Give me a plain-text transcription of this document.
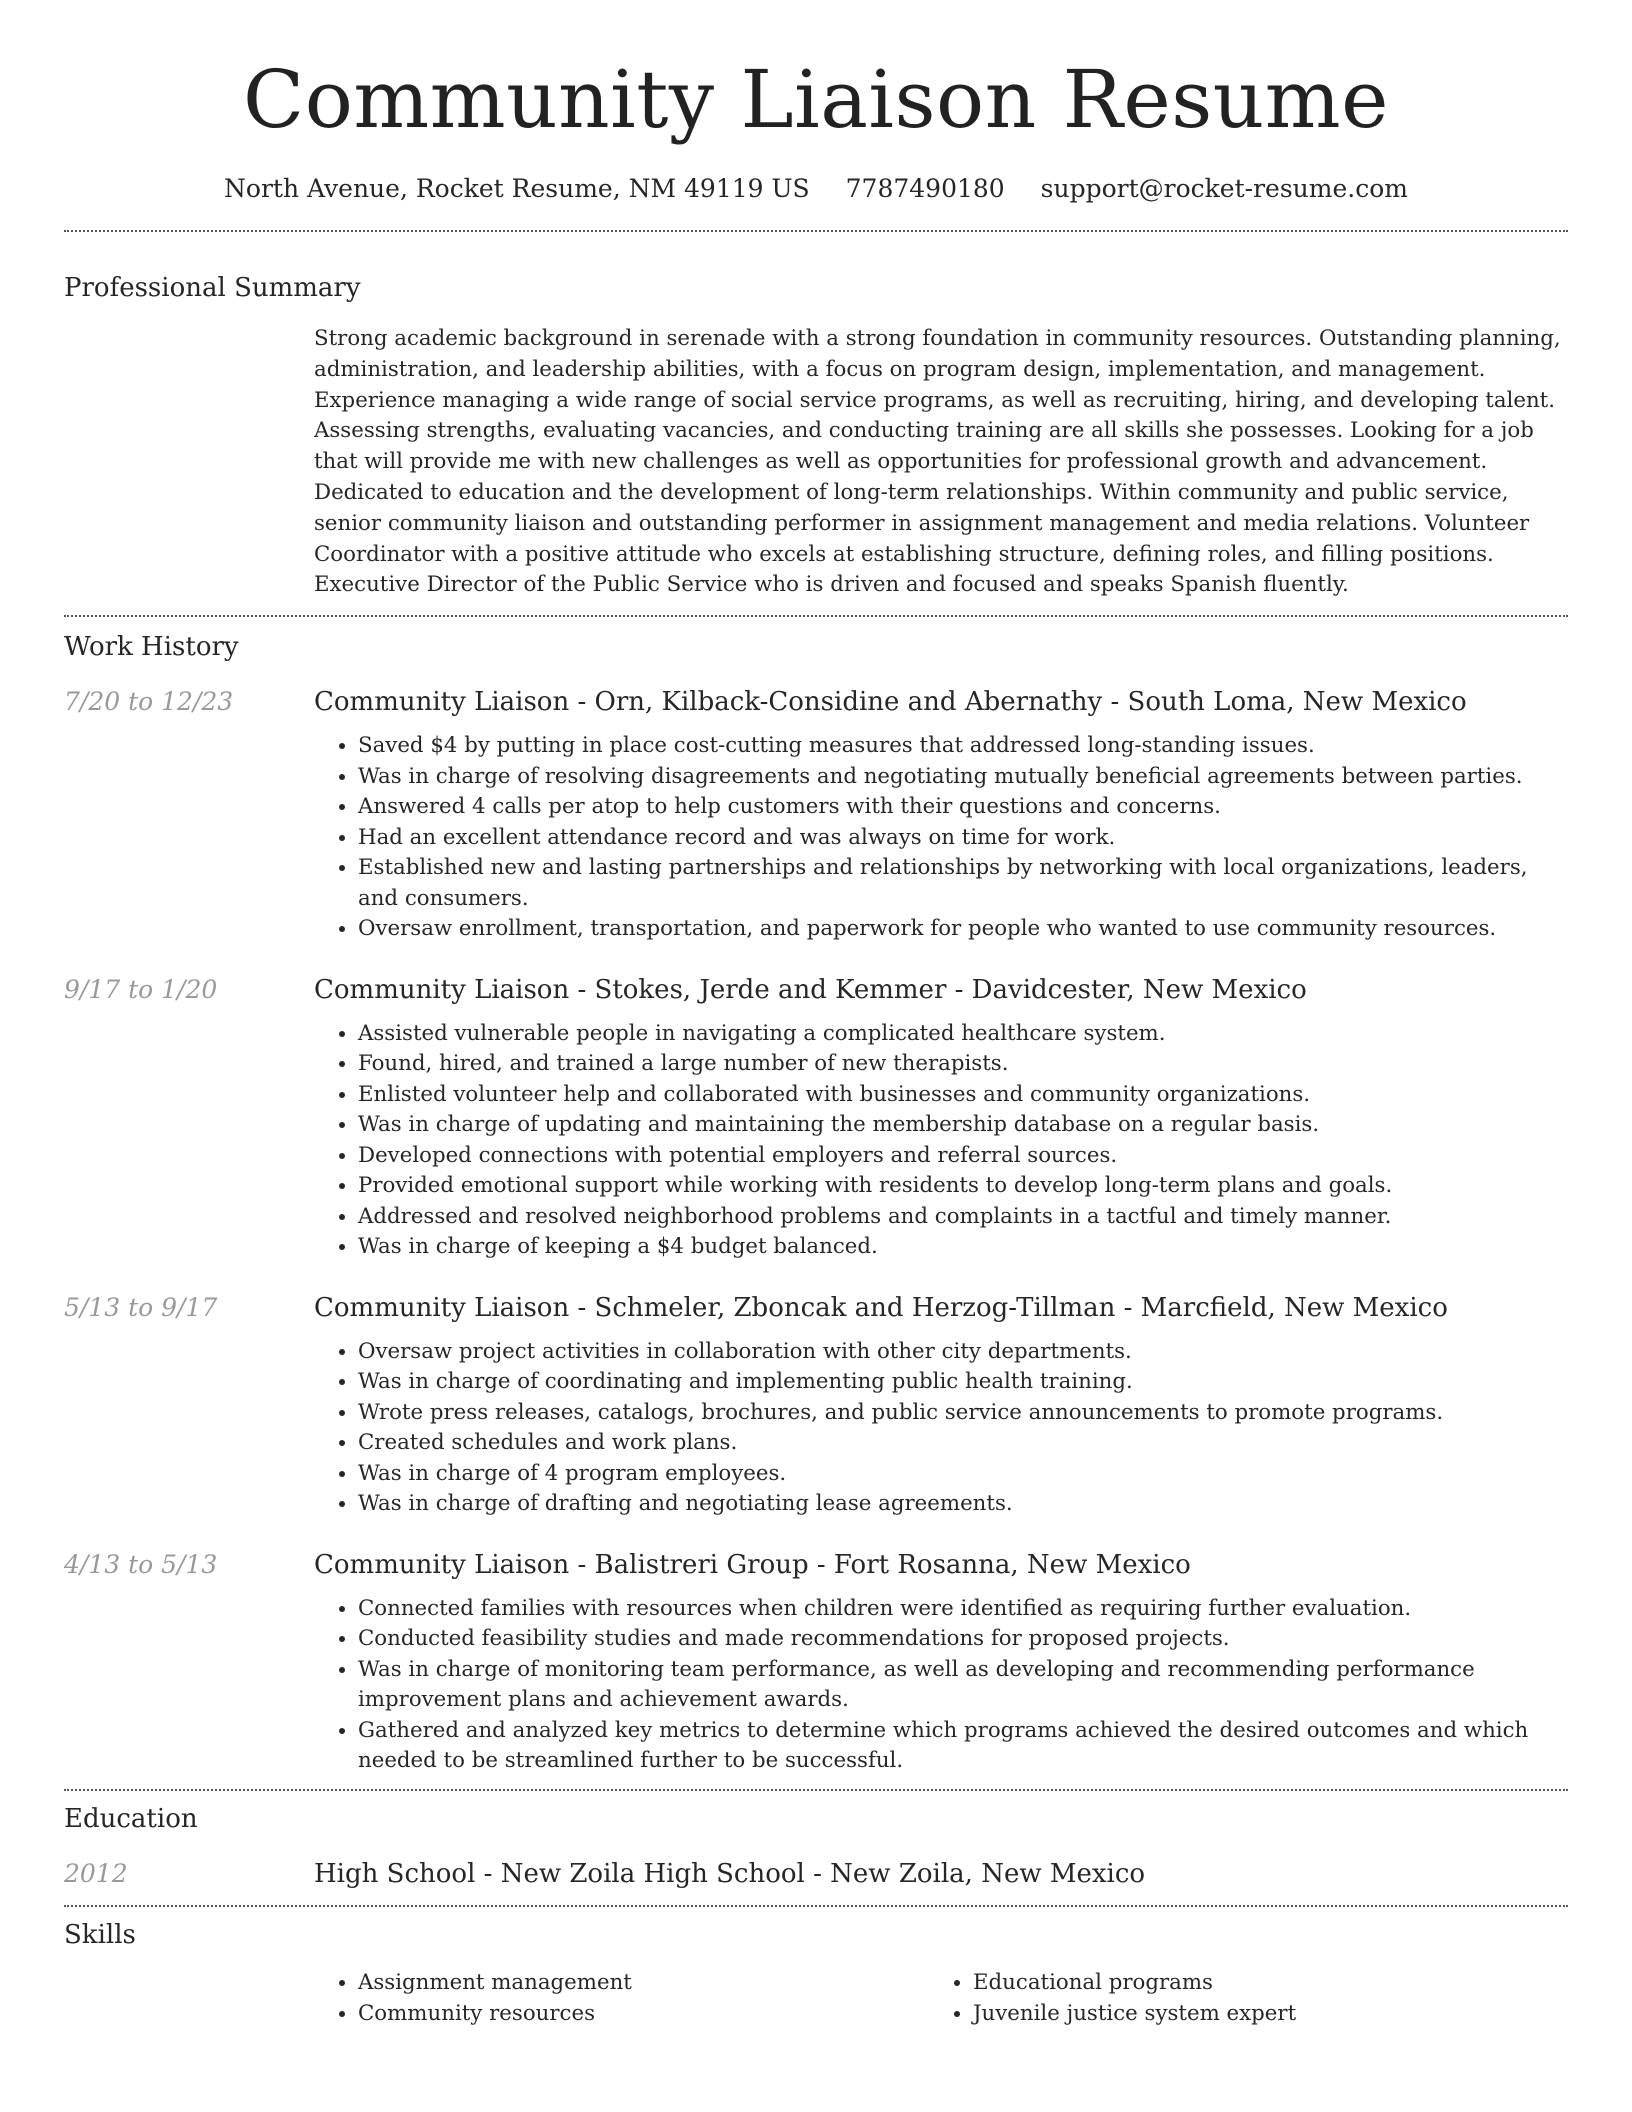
Community Liaison Resume
North Avenue, Rocket Resume, NM 49119 US 7787490180 support@rocket-resume.com
Professional Summary

Strong academic background in serenade with a strong foundation in community resources. Outstanding planning, administration, and leadership abilities, with a focus on program design, implementation, and management. Experience managing a wide range of social service programs, as well as recruiting, hiring, and developing talent. Assessing strengths, evaluating vacancies, and conducting training are all skills she possesses. Looking for a job that will provide me with new challenges as well as opportunities for professional growth and advancement. Dedicated to education and the development of long-term relationships. Within community and public service, senior community liaison and outstanding performer in assignment management and media relations. Volunteer Coordinator with a positive attitude who excels at establishing structure, defining roles, and filling positions. Executive Director of the Public Service who is driven and focused and speaks Spanish fluently.

Work History
7/20 to 12/23	Community Liaison - Orn, Kilback-Considine and Abernathy - South Loma, New Mexico
• Saved $4 by putting in place cost-cutting measures that addressed long-standing issues.
• Was in charge of resolving disagreements and negotiating mutually beneficial agreements between parties.
• Answered 4 calls per atop to help customers with their questions and concerns.
• Had an excellent attendance record and was always on time for work.
• Established new and lasting partnerships and relationships by networking with local organizations, leaders, and consumers.
• Oversaw enrollment, transportation, and paperwork for people who wanted to use community resources.
9/17 to 1/20	Community Liaison - Stokes, Jerde and Kemmer - Davidcester, New Mexico
• Assisted vulnerable people in navigating a complicated healthcare system.
• Found, hired, and trained a large number of new therapists.
• Enlisted volunteer help and collaborated with businesses and community organizations.
• Was in charge of updating and maintaining the membership database on a regular basis.
• Developed connections with potential employers and referral sources.
• Provided emotional support while working with residents to develop long-term plans and goals.
• Addressed and resolved neighborhood problems and complaints in a tactful and timely manner.
• Was in charge of keeping a $4 budget balanced.
5/13 to 9/17	Community Liaison - Schmeler, Zboncak and Herzog-Tillman - Marcfield, New Mexico
• Oversaw project activities in collaboration with other city departments.
• Was in charge of coordinating and implementing public health training.
• Wrote press releases, catalogs, brochures, and public service announcements to promote programs.
• Created schedules and work plans.
• Was in charge of 4 program employees.
• Was in charge of drafting and negotiating lease agreements.
4/13 to 5/13	Community Liaison - Balistreri Group - Fort Rosanna, New Mexico
• Connected families with resources when children were identified as requiring further evaluation.
• Conducted feasibility studies and made recommendations for proposed projects.
• Was in charge of monitoring team performance, as well as developing and recommending performance improvement plans and achievement awards.
• Gathered and analyzed key metrics to determine which programs achieved the desired outcomes and which needed to be streamlined further to be successful.
Education
2012	High School - New Zoila High School - New Zoila, New Mexico
Skills
• Assignment management
• Community resources
• Educational programs
• Juvenile justice system expert
